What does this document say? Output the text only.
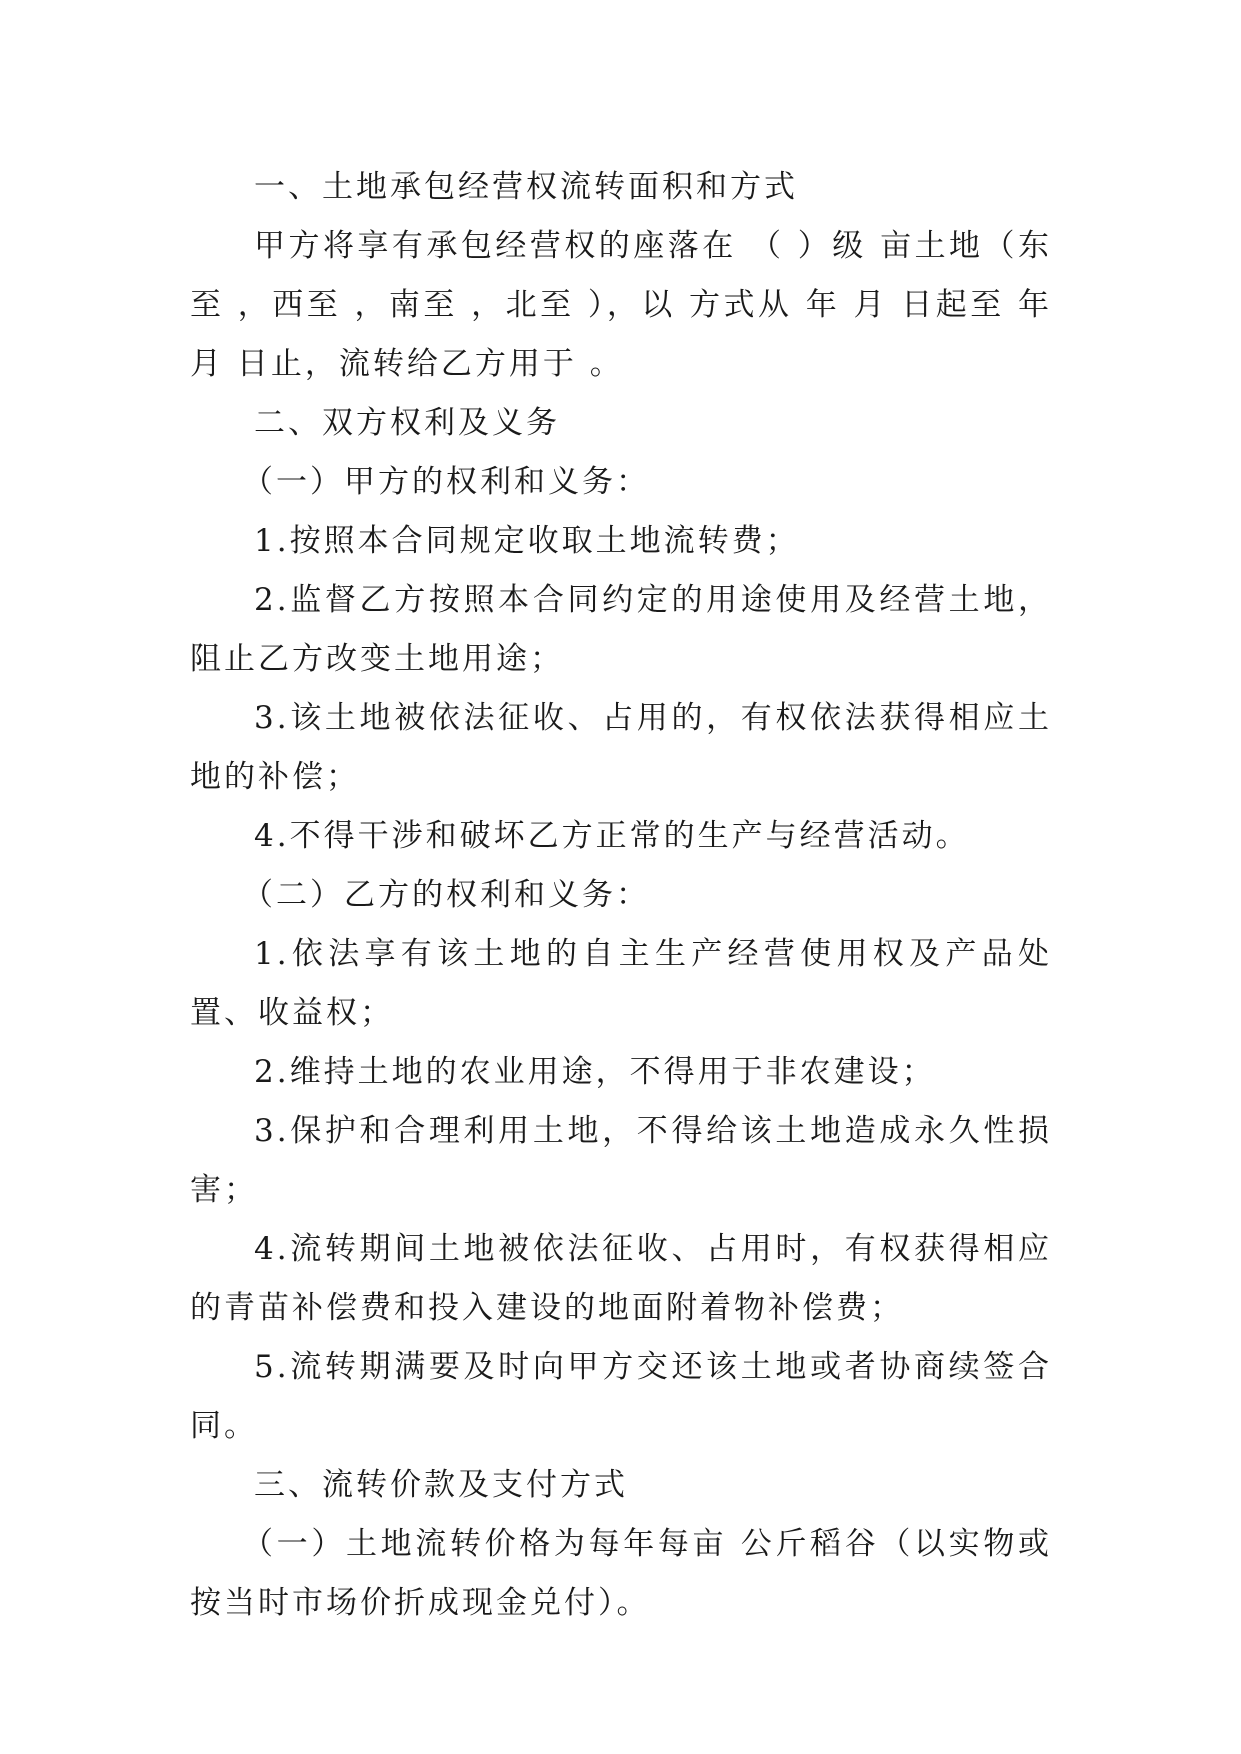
一、土地承包经营权流转面积和方式

甲方将享有承包经营权的座落在 （ ）级 亩土地（东至 ，西至 ，南至 ，北至 ），以 方式从 年 月 日起至 年 月 日止，流转给乙方用于 。

二、双方权利及义务

（一）甲方的权利和义务：

1.按照本合同规定收取土地流转费；

2.监督乙方按照本合同约定的用途使用及经营土地，阻止乙方改变土地用途；

3.该土地被依法征收、占用的，有权依法获得相应土地的补偿；

4.不得干涉和破坏乙方正常的生产与经营活动。

（二）乙方的权利和义务：

1.依法享有该土地的自主生产经营使用权及产品处置、收益权；

2.维持土地的农业用途，不得用于非农建设；

3.保护和合理利用土地，不得给该土地造成永久性损害；

4.流转期间土地被依法征收、占用时，有权获得相应的青苗补偿费和投入建设的地面附着物补偿费；

5.流转期满要及时向甲方交还该土地或者协商续签合同。

三、流转价款及支付方式

（一）土地流转价格为每年每亩 公斤稻谷（以实物或按当时市场价折成现金兑付）。
